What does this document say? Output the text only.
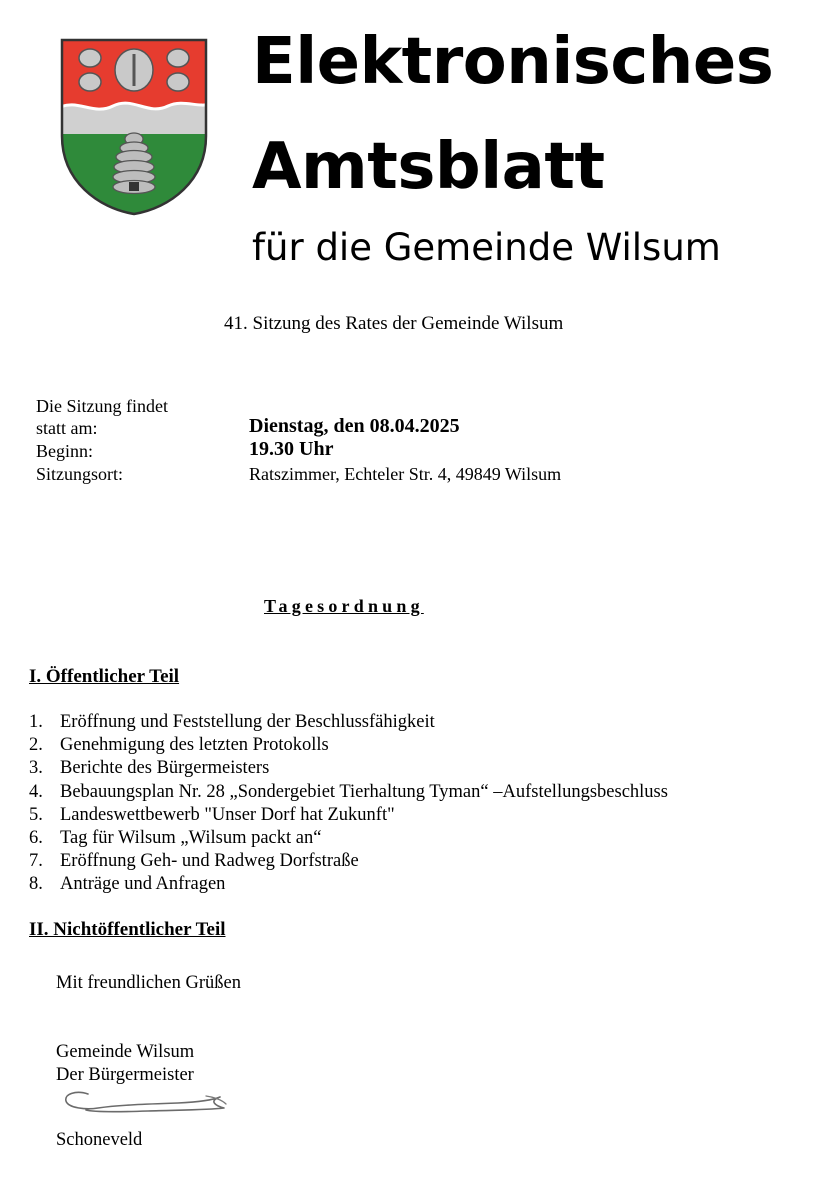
Elektronisches
Amtsblatt
für die Gemeinde Wilsum
41. Sitzung des Rates der Gemeinde Wilsum
Die Sitzung findet
statt am:	Dienstag, den 08.04.2025
Beginn:	19.30 Uhr
Sitzungsort:	Ratszimmer, Echteler Str. 4, 49849 Wilsum
Tagesordnung
I. Öffentlicher Teil
1. Eröffnung und Feststellung der Beschlussfähigkeit
2. Genehmigung des letzten Protokolls
3. Berichte des Bürgermeisters
4. Bebauungsplan Nr. 28 „Sondergebiet Tierhaltung Tyman“ –Aufstellungsbeschluss
5. Landeswettbewerb "Unser Dorf hat Zukunft"
6. Tag für Wilsum „Wilsum packt an“
7. Eröffnung Geh- und Radweg Dorfstraße
8. Anträge und Anfragen
II. Nichtöffentlicher Teil
Mit freundlichen Grüßen
Gemeinde Wilsum
Der Bürgermeister
Schoneveld
